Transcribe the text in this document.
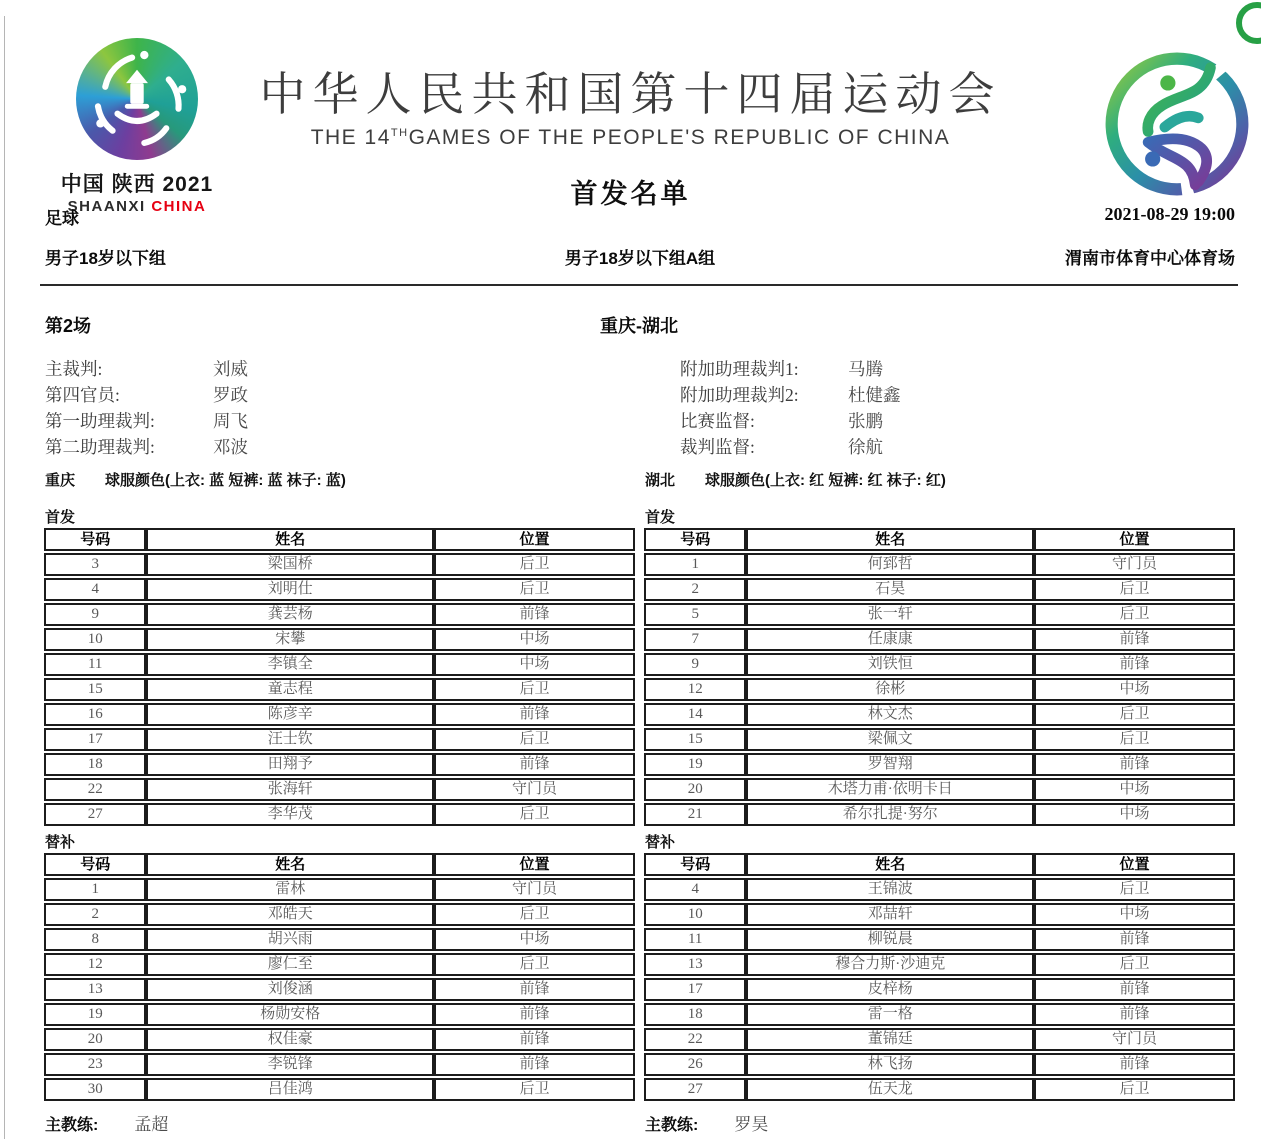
中国 陕西 2021
SHAANXI CHINA
中华人民共和国第十四届运动会
THE 14THGAMES OF THE PEOPLE'S REPUBLIC OF CHINA
首发名单
足球	2021-08-29 19:00
男子18岁以下组	男子18岁以下组A组	渭南市体育中心体育场
第2场	重庆-湖北
主裁判:	刘威
第四官员:	罗政
第一助理裁判:	周飞
第二助理裁判:	邓波
附加助理裁判1:	马腾
附加助理裁判2:	杜健鑫
比赛监督:	张鹏
裁判监督:	徐航
重庆 球服颜色(上衣: 蓝 短裤: 蓝 袜子: 蓝)	湖北 球服颜色(上衣: 红 短裤: 红 袜子: 红)
首发	首发
替补	替补
号码	姓名	位置
3	梁国桥	后卫
4	刘明仕	后卫
9	龚芸杨	前锋
10	宋攀	中场
11	李镇全	中场
15	童志程	后卫
16	陈彦辛	前锋
17	汪士钦	后卫
18	田翔予	前锋
22	张海轩	守门员
27	李华茂	后卫
号码	姓名	位置
1	何郅哲	守门员
2	石昊	后卫
5	张一轩	后卫
7	任康康	前锋
9	刘铁恒	前锋
12	徐彬	中场
14	林文杰	后卫
15	梁佩文	后卫
19	罗智翔	前锋
20	木塔力甫·依明卡日	中场
21	希尔扎提·努尔	中场
号码	姓名	位置
1	雷林	守门员
2	邓皓天	后卫
8	胡兴雨	中场
12	廖仁至	后卫
13	刘俊涵	前锋
19	杨勋安格	前锋
20	权佳豪	前锋
23	李锐锋	前锋
30	吕佳鸿	后卫
号码	姓名	位置
4	王锦波	后卫
10	邓喆轩	中场
11	柳锐晨	前锋
13	穆合力斯·沙迪克	后卫
17	皮梓杨	前锋
18	雷一格	前锋
22	董锦廷	守门员
26	林飞扬	前锋
27	伍天龙	后卫
主教练: 孟超	主教练: 罗昊
